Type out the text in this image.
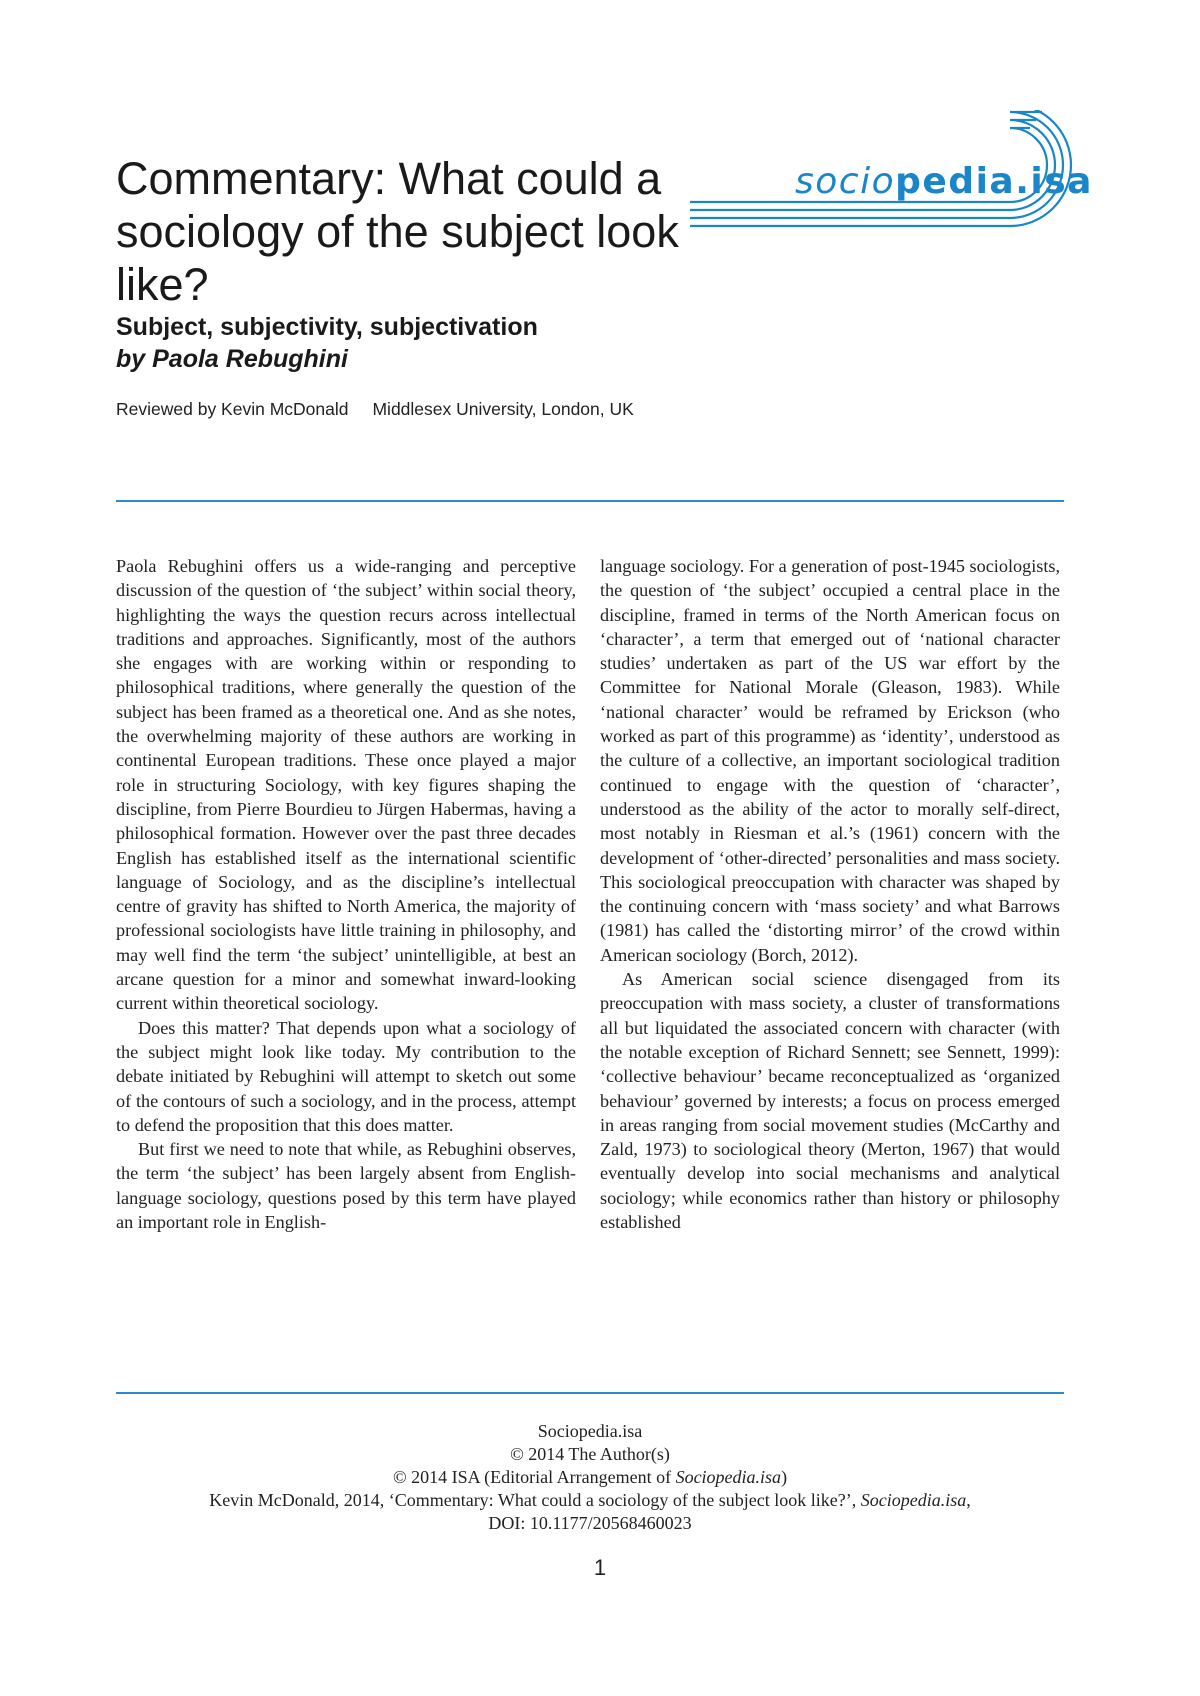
Commentary: What could a sociology of the subject look like?
Subject, subjectivity, subjectivation
by Paola Rebughini

Reviewed by Kevin McDonald Middlesex University, London, UK

sociopedia.isa

Paola Rebughini offers us a wide-ranging and perceptive discussion of the question of ‘the subject’ within social theory, highlighting the ways the question recurs across intellectual traditions and approaches. Significantly, most of the authors she engages with are working within or responding to philosophical traditions, where generally the question of the subject has been framed as a theoretical one. And as she notes, the overwhelming majority of these authors are working in continental European traditions. These once played a major role in structuring Sociology, with key figures shaping the discipline, from Pierre Bourdieu to Jürgen Habermas, having a philosophical formation. However over the past three decades English has established itself as the international scientific language of Sociology, and as the discipline’s intellectual centre of gravity has shifted to North America, the majority of professional sociologists have little training in philosophy, and may well find the term ‘the subject’ unintelligible, at best an arcane question for a minor and somewhat inward-looking current within theoretical sociology.

Does this matter? That depends upon what a sociology of the subject might look like today. My contribution to the debate initiated by Rebughini will attempt to sketch out some of the contours of such a sociology, and in the process, attempt to defend the proposition that this does matter.

But first we need to note that while, as Rebughini observes, the term ‘the subject’ has been largely absent from English-language sociology, questions posed by this term have played an important role in English-

language sociology. For a generation of post-1945 sociologists, the question of ‘the subject’ occupied a central place in the discipline, framed in terms of the North American focus on ‘character’, a term that emerged out of ‘national character studies’ undertaken as part of the US war effort by the Committee for National Morale (Gleason, 1983). While ‘national character’ would be reframed by Erickson (who worked as part of this programme) as ‘identity’, understood as the culture of a collective, an important sociological tradition continued to engage with the question of ‘character’, understood as the ability of the actor to morally self-direct, most notably in Riesman et al.’s (1961) concern with the development of ‘other-directed’ personalities and mass society. This sociological preoccupation with character was shaped by the continuing concern with ‘mass society’ and what Barrows (1981) has called the ‘distorting mirror’ of the crowd within American sociology (Borch, 2012).

As American social science disengaged from its preoccupation with mass society, a cluster of transformations all but liquidated the associated concern with character (with the notable exception of Richard Sennett; see Sennett, 1999): ‘collective behaviour’ became reconceptualized as ‘organized behaviour’ governed by interests; a focus on process emerged in areas ranging from social movement studies (McCarthy and Zald, 1973) to sociological theory (Merton, 1967) that would eventually develop into social mechanisms and analytical sociology; while economics rather than history or philosophy established

Sociopedia.isa
© 2014 The Author(s)
© 2014 ISA (Editorial Arrangement of Sociopedia.isa)
Kevin McDonald, 2014, ‘Commentary: What could a sociology of the subject look like?’, Sociopedia.isa,
DOI: 10.1177/20568460023
1
